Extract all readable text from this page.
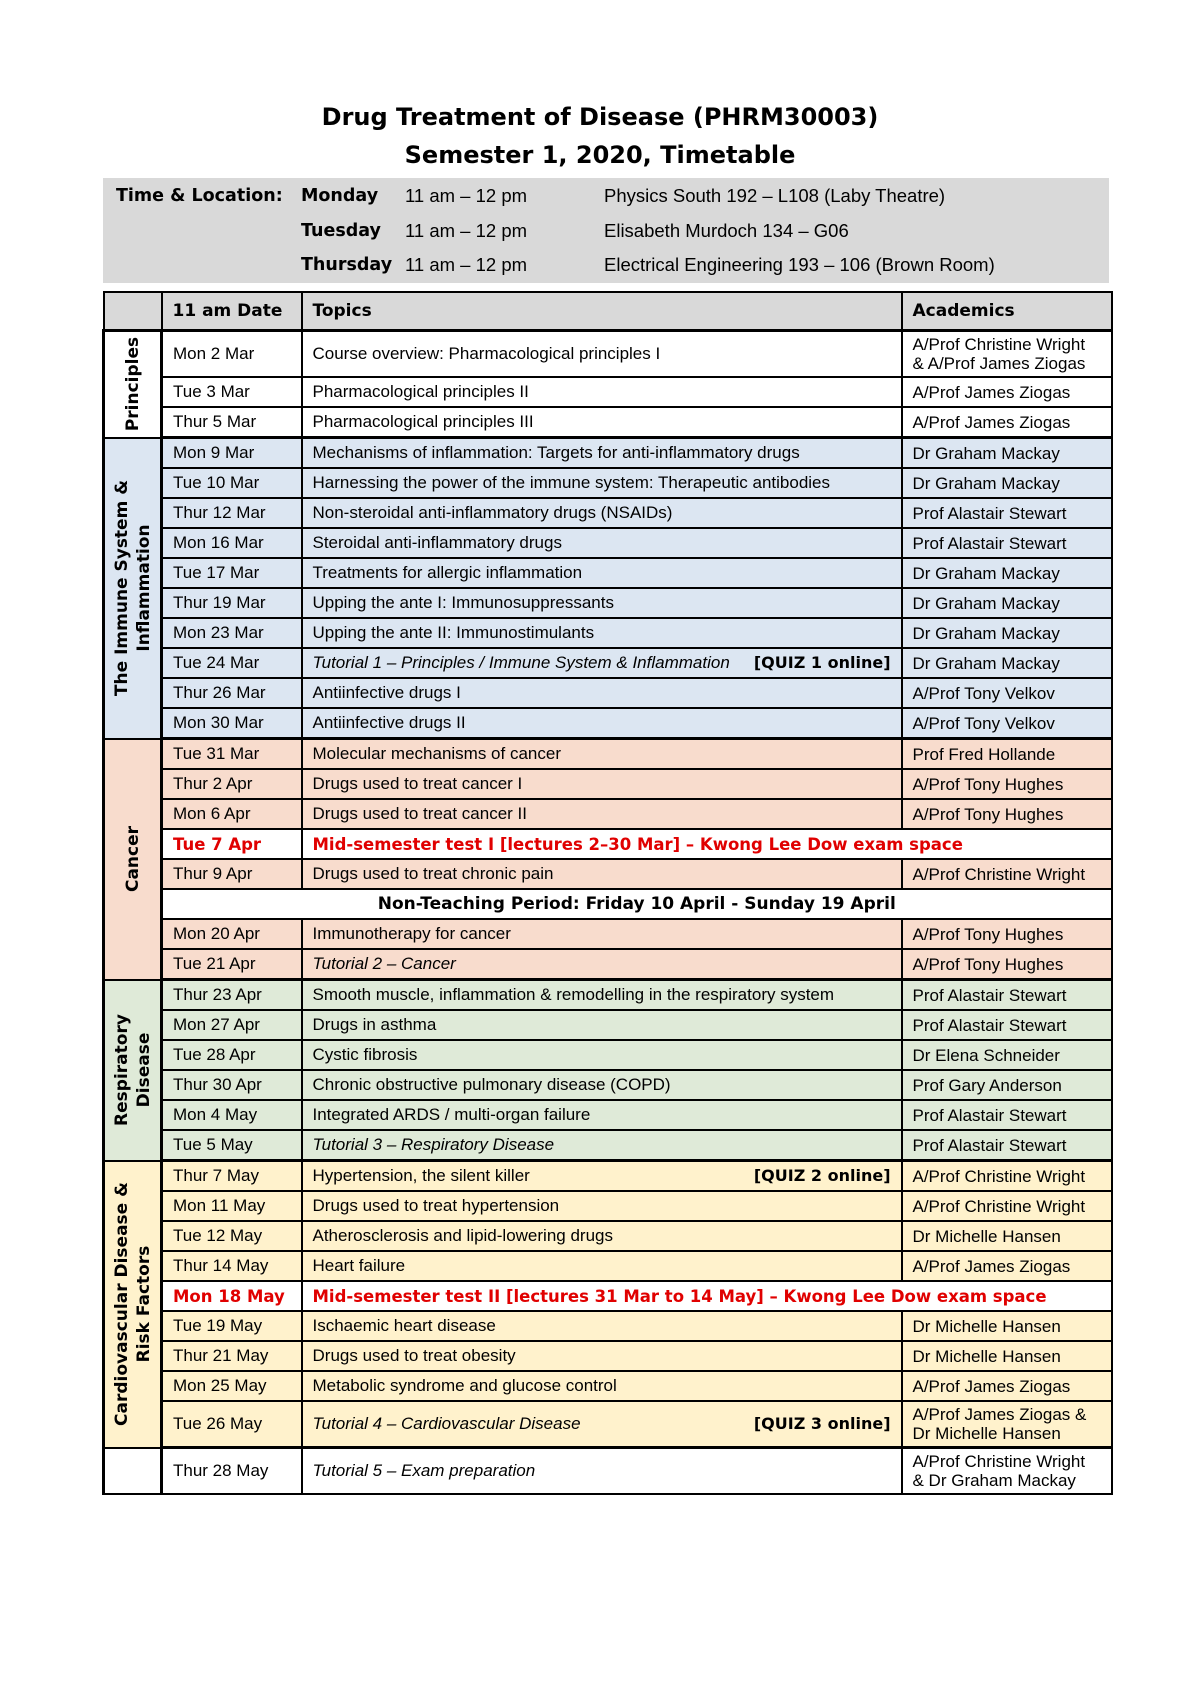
Drug Treatment of Disease (PHRM30003)
Semester 1, 2020, Timetable
Time & Location: Monday 11 am – 12 pm	Physics South 192 – L108 (Laby Theatre)
Tuesday 11 am – 12 pm	Elisabeth Murdoch 134 – G06
Thursday 11 am – 12 pm	Electrical Engineering 193 – 106 (Brown Room)
	11 am Date	Topics	Academics

Principles	Mon 2 Mar	Course overview: Pharmacological principles I	A/Prof Christine Wright & A/Prof James Ziogas
	Tue 3 Mar	Pharmacological principles II	A/Prof James Ziogas
	Thur 5 Mar	Pharmacological principles III	A/Prof James Ziogas

The Immune System & Inflammation	Mon 9 Mar	Mechanisms of inflammation: Targets for anti-inflammatory drugs	Dr Graham Mackay
	Tue 10 Mar	Harnessing the power of the immune system: Therapeutic antibodies	Dr Graham Mackay
	Thur 12 Mar	Non-steroidal anti-inflammatory drugs (NSAIDs)	Prof Alastair Stewart
	Mon 16 Mar	Steroidal anti-inflammatory drugs	Prof Alastair Stewart
	Tue 17 Mar	Treatments for allergic inflammation	Dr Graham Mackay
	Thur 19 Mar	Upping the ante I: Immunosuppressants	Dr Graham Mackay
	Mon 23 Mar	Upping the ante II: Immunostimulants	Dr Graham Mackay
	Tue 24 Mar	Tutorial 1 – Principles / Immune System & Inflammation [QUIZ 1 online]	Dr Graham Mackay
	Thur 26 Mar	Antiinfective drugs I	A/Prof Tony Velkov
	Mon 30 Mar	Antiinfective drugs II	A/Prof Tony Velkov

Cancer	Tue 31 Mar	Molecular mechanisms of cancer	Prof Fred Hollande
	Thur 2 Apr	Drugs used to treat cancer I	A/Prof Tony Hughes
	Mon 6 Apr	Drugs used to treat cancer II	A/Prof Tony Hughes
	Tue 7 Apr	Mid-semester test I [lectures 2–30 Mar] – Kwong Lee Dow exam space	
	Thur 9 Apr	Drugs used to treat chronic pain	A/Prof Christine Wright
	Non-Teaching Period: Friday 10 April - Sunday 19 April		
	Mon 20 Apr	Immunotherapy for cancer	A/Prof Tony Hughes
	Tue 21 Apr	Tutorial 2 – Cancer	A/Prof Tony Hughes

Respiratory Disease	Thur 23 Apr	Smooth muscle, inflammation & remodelling in the respiratory system	Prof Alastair Stewart
	Mon 27 Apr	Drugs in asthma	Prof Alastair Stewart
	Tue 28 Apr	Cystic fibrosis	Dr Elena Schneider
	Thur 30 Apr	Chronic obstructive pulmonary disease (COPD)	Prof Gary Anderson
	Mon 4 May	Integrated ARDS / multi-organ failure	Prof Alastair Stewart
	Tue 5 May	Tutorial 3 – Respiratory Disease	Prof Alastair Stewart

Cardiovascular Disease & Risk Factors	Thur 7 May	Hypertension, the silent killer [QUIZ 2 online]	A/Prof Christine Wright
	Mon 11 May	Drugs used to treat hypertension	A/Prof Christine Wright
	Tue 12 May	Atherosclerosis and lipid-lowering drugs	Dr Michelle Hansen
	Thur 14 May	Heart failure	A/Prof James Ziogas
	Mon 18 May	Mid-semester test II [lectures 31 Mar to 14 May] – Kwong Lee Dow exam space	
	Tue 19 May	Ischaemic heart disease	Dr Michelle Hansen
	Thur 21 May	Drugs used to treat obesity	Dr Michelle Hansen
	Mon 25 May	Metabolic syndrome and glucose control	A/Prof James Ziogas
	Tue 26 May	Tutorial 4 – Cardiovascular Disease [QUIZ 3 online]	A/Prof James Ziogas & Dr Michelle Hansen
	Thur 28 May	Tutorial 5 – Exam preparation	A/Prof Christine Wright & Dr Graham Mackay
